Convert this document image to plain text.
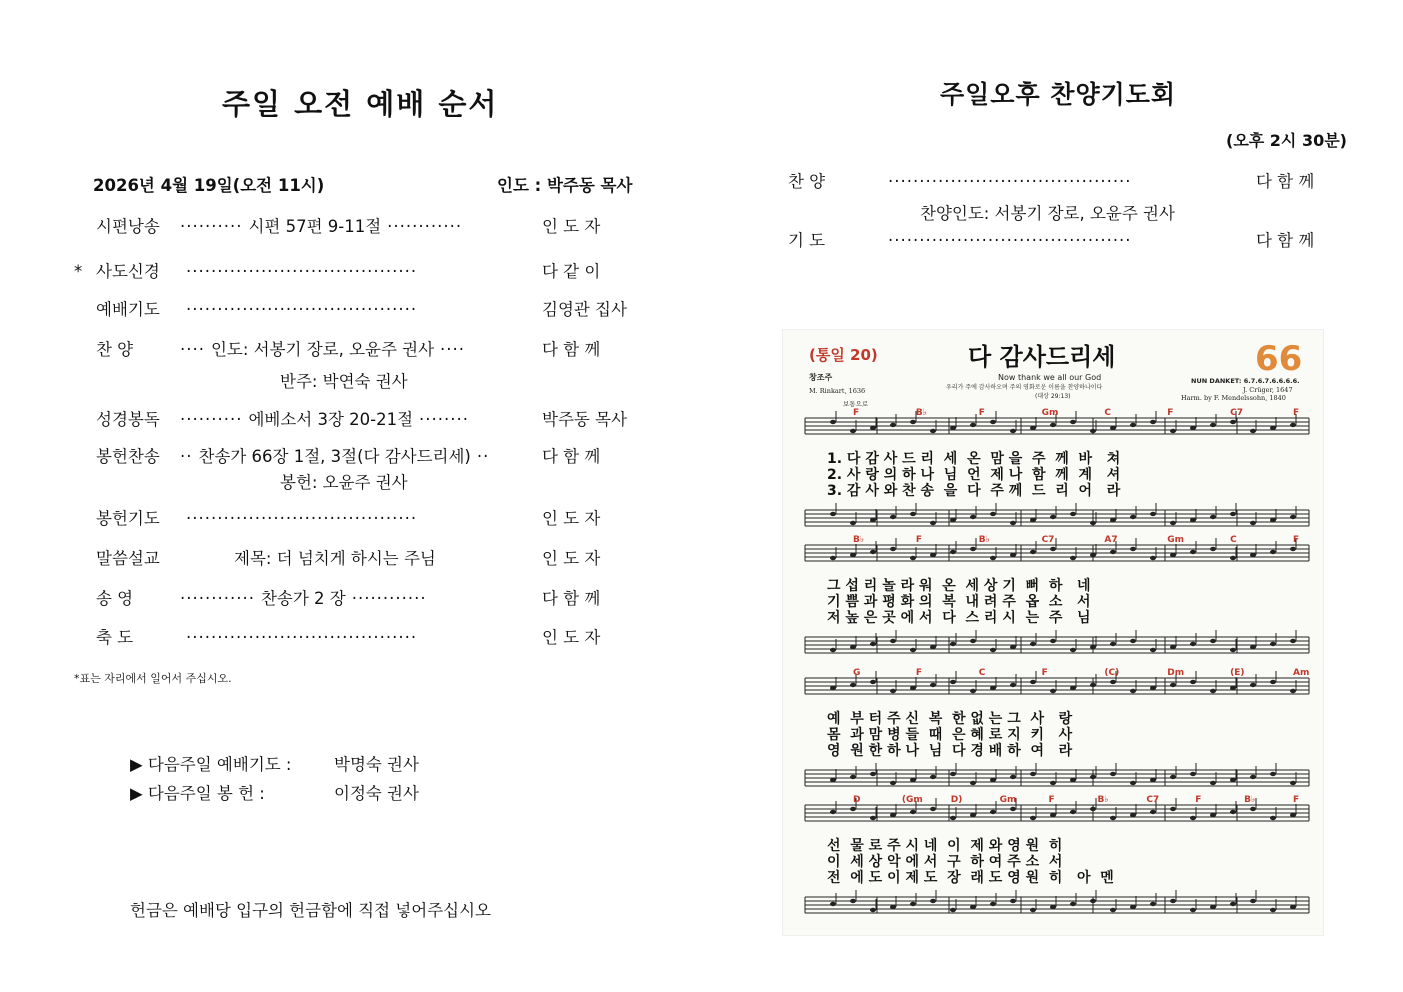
주일 오전 예배 순서
2026년 4월 19일(오전 11시)	인도 : 박주동 목사
시편낭송 ·········· 시편 57편 9-11절 ············	인 도 자
* 사도신경 ·····································	다 같 이
예배기도 ·····································	김영관 집사
찬 양	···· 인도: 서봉기 장로, 오윤주 권사 ····	다 함 께
반주: 박연숙 권사
성경봉독 ·········· 에베소서 3장 20-21절 ········	박주동 목사
봉헌찬송 ·· 찬송가 66장 1절, 3절(다 감사드리세) ··	다 함 께
봉헌: 오윤주 권사
봉헌기도 ·····································	인 도 자
말씀설교	제목: 더 넘치게 하시는 주님	인 도 자
송 영	············ 찬송가 2 장 ············	다 함 께
축 도	·····································	인 도 자
*표는 자리에서 일어서 주십시오.
▶ 다음주일 예배기도 :	박명숙 권사
▶ 다음주일 봉 헌 :	이정숙 권사
헌금은 예배당 입구의 헌금함에 직접 넣어주십시오
주일오후 찬양기도회
(오후 2시 30분)
찬 양	·······································	다 함 께
찬양인도: 서봉기 장로, 오윤주 권사
기 도	·······································	다 함 께
(통일 20)	다 감사드리세	66
Now thank we all our God
우리가 주에 감사하오며 주의 영화로운 이름을 찬양하나이다
(대상 29:13)
창조주
M. Rinkart, 1636
보통으로
NUN DANKET: 6.7.6.7.6.6.6.6.
J. Crüger, 1647
Harm. by F. Mendelssohn, 1840
F	B♭	F	Gm	C	F	C7	F
1. 다 감 사 드 리  세  온  맘 을  주  께  바   쳐
2. 사 랑 의 하 나  님  언  제 나  함  께  계   셔
3. 감 사 와 찬 송  을  다  주 께  드  리  어   라
B♭	F	B♭	C7	A7	Gm	C	F
그 섭 리 놀 라 워  온  세 상 기  뻐  하   네
기 쁨 과 평 화 의  복  내 려 주  옵  소   서
저 높 은 곳 에 서  다  스 리 시  는  주   님
G	F	C	F	(C)	Dm	(E)	Am
예  부 터 주 신  복  한 없 는 그  사   랑
몸  과 맘 병 들  때  은 혜 로 지  키   사
영  원 한 하 나  님  다 경 배 하  여   라
D	(Gm	D)	Gm	F	B♭	C7	F	B♭	F
선  물 로 주 시 네  이  제 와 영 원  히
이  세 상 악 에 서  구  하 여 주 소  서
전  에 도 이 제 도  장  래 도 영 원  히   아  멘
